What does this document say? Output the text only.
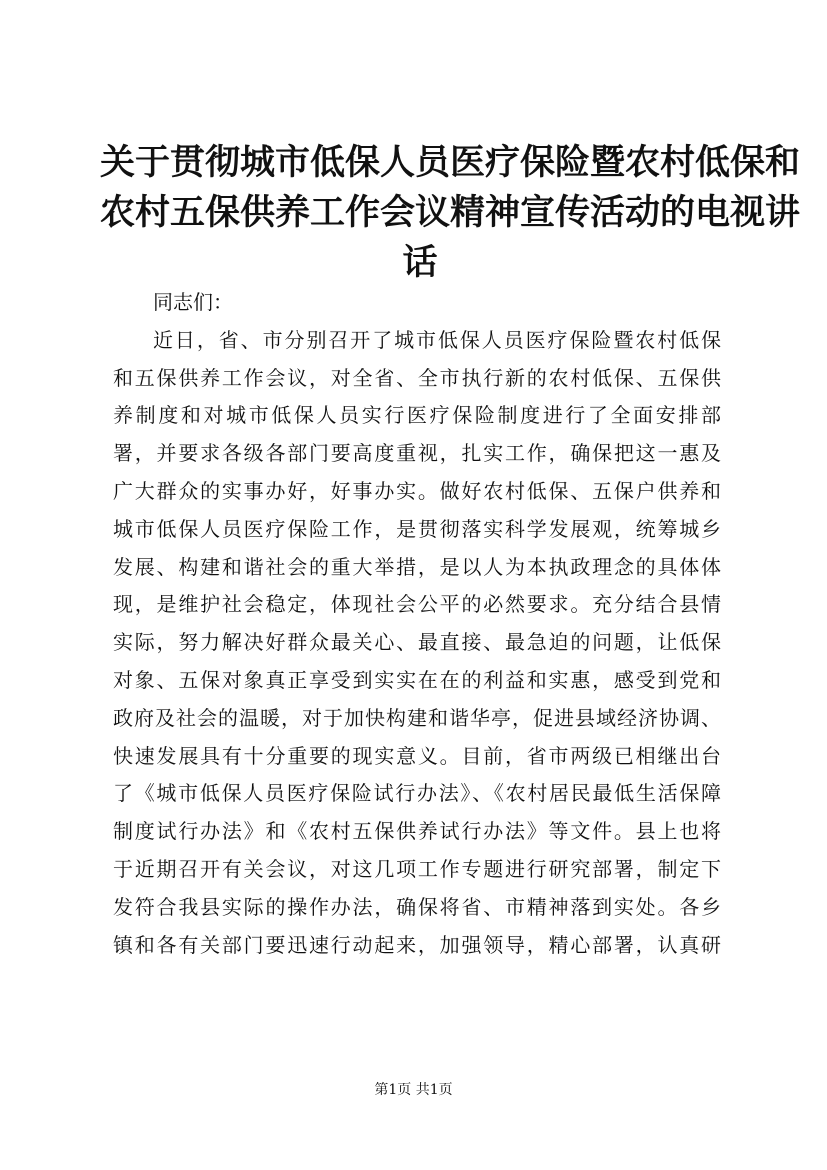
关于贯彻城市低保人员医疗保险暨农村低保和
农村五保供养工作会议精神宣传活动的电视讲
话
同志们：
近日，省、市分别召开了城市低保人员医疗保险暨农村低保
和五保供养工作会议，对全省、全市执行新的农村低保、五保供
养制度和对城市低保人员实行医疗保险制度进行了全面安排部
署，并要求各级各部门要高度重视，扎实工作，确保把这一惠及
广大群众的实事办好，好事办实。做好农村低保、五保户供养和
城市低保人员医疗保险工作，是贯彻落实科学发展观，统筹城乡
发展、构建和谐社会的重大举措，是以人为本执政理念的具体体
现，是维护社会稳定，体现社会公平的必然要求。充分结合县情
实际，努力解决好群众最关心、最直接、最急迫的问题，让低保
对象、五保对象真正享受到实实在在的利益和实惠，感受到党和
政府及社会的温暖，对于加快构建和谐华亭，促进县域经济协调、
快速发展具有十分重要的现实意义。目前，省市两级已相继出台
了《城市低保人员医疗保险试行办法》、《农村居民最低生活保障
制度试行办法》和《农村五保供养试行办法》等文件。县上也将
于近期召开有关会议，对这几项工作专题进行研究部署，制定下
发符合我县实际的操作办法，确保将省、市精神落到实处。各乡
镇和各有关部门要迅速行动起来，加强领导，精心部署，认真研
第1页 共1页
